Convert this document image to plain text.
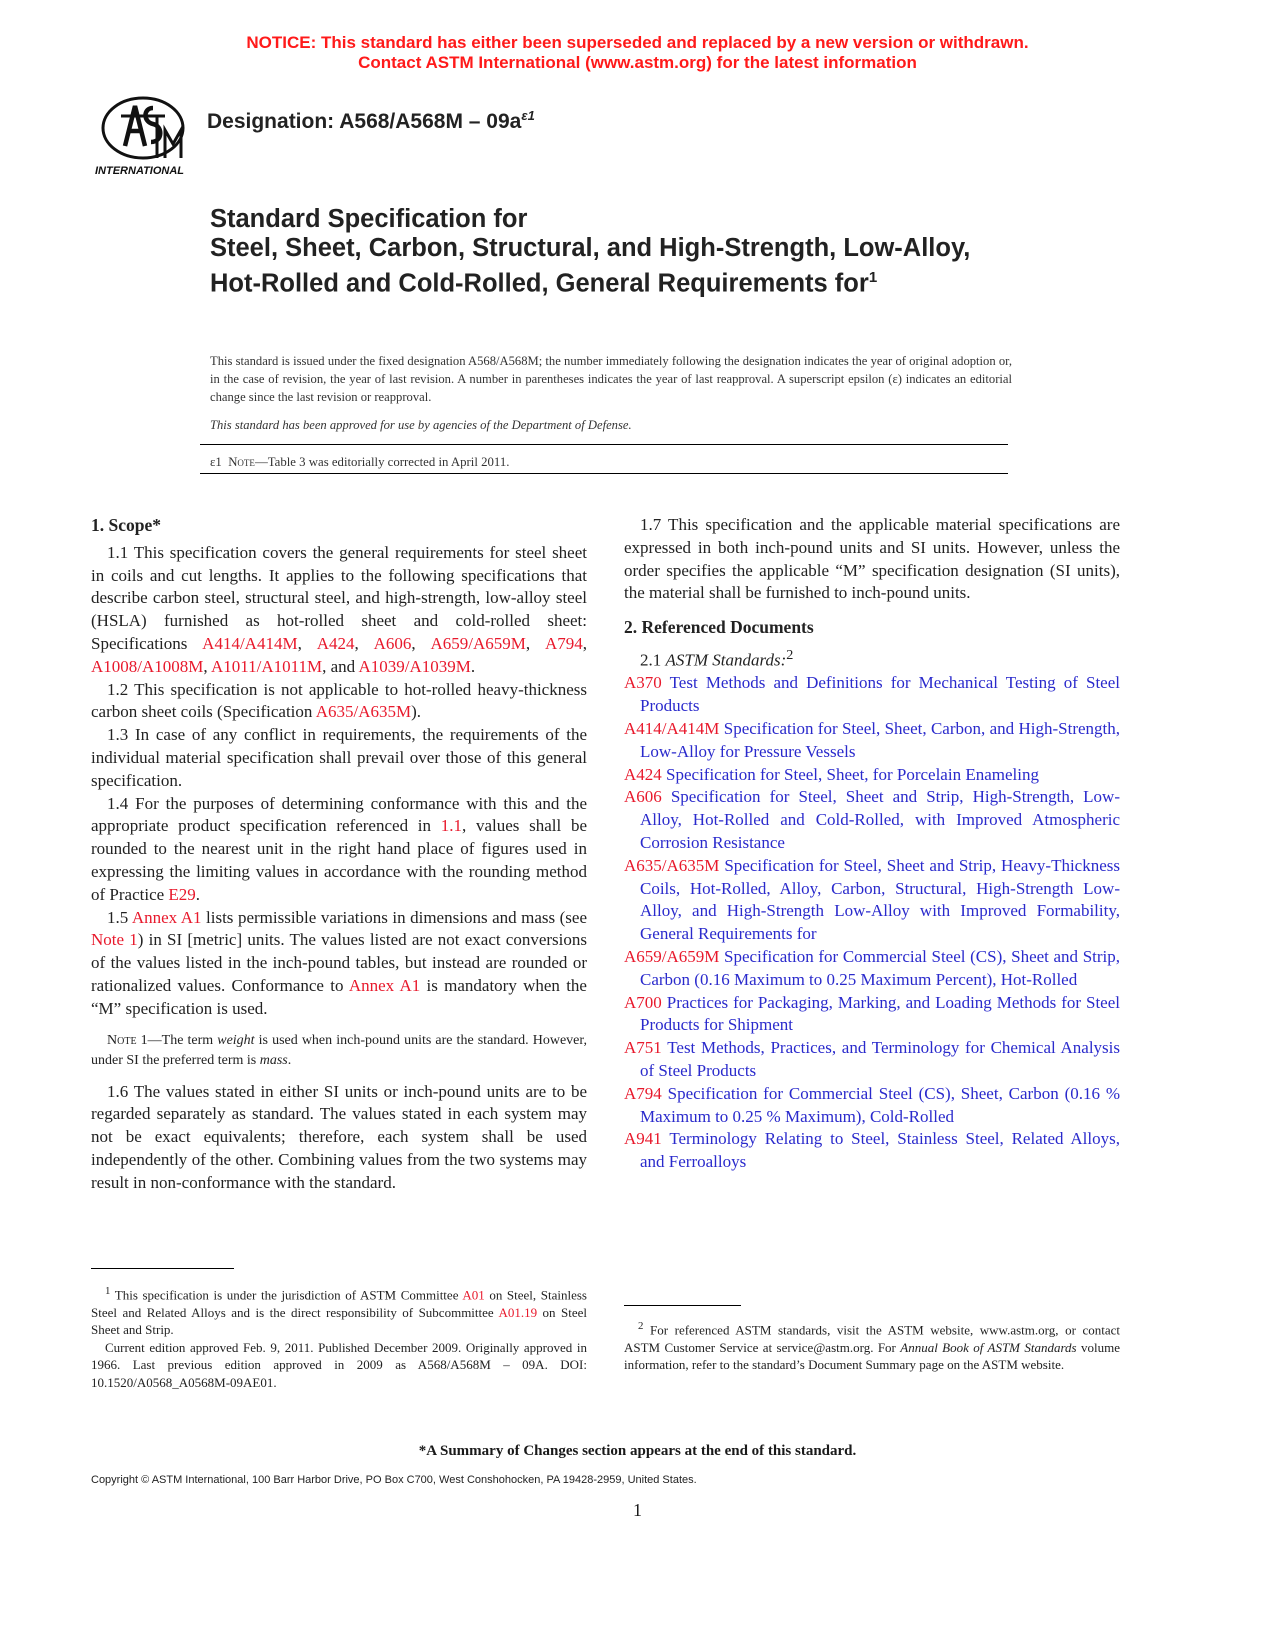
NOTICE: This standard has either been superseded and replaced by a new version or withdrawn.
Contact ASTM International (www.astm.org) for the latest information
INTERNATIONAL
Designation: $A568/A568M - 09a^{\varepsilon 1}$
Standard Specification for
Steel, Sheet, Carbon, Structural, and High-Strength, Low-Alloy, Hot-Rolled and Cold-Rolled, General Requirements for$^1$
This standard is issued under the fixed designation A568/A568M; the number immediately following the designation indicates the year of original adoption or, in the case of revision, the year of last revision. A number in parentheses indicates the year of last reapproval. A superscript epsilon (ε) indicates an editorial change since the last revision or reapproval.
This standard has been approved for use by agencies of the Department of Defense.
ε1 Note—Table 3 was editorially corrected in April 2011.
1. Scope*

1.1 This specification covers the general requirements for steel sheet in coils and cut lengths. It applies to the following specifications that describe carbon steel, structural steel, and high-strength, low-alloy steel (HSLA) furnished as hot-rolled sheet and cold-rolled sheet: Specifications A414/A414M, A424, A606, A659/A659M, A794, A1008/A1008M, A1011/A1011M, and A1039/A1039M.

1.2 This specification is not applicable to hot-rolled heavy-thickness carbon sheet coils (Specification A635/A635M).

1.3 In case of any conflict in requirements, the requirements of the individual material specification shall prevail over those of this general specification.

1.4 For the purposes of determining conformance with this and the appropriate product specification referenced in 1.1, values shall be rounded to the nearest unit in the right hand place of figures used in expressing the limiting values in accordance with the rounding method of Practice E29.

1.5 Annex A1 lists permissible variations in dimensions and mass (see Note 1) in SI [metric] units. The values listed are not exact conversions of the values listed in the inch-pound tables, but instead are rounded or rationalized values. Conformance to Annex A1 is mandatory when the “M” specification is used.

Note 1—The term weight is used when inch-pound units are the standard. However, under SI the preferred term is mass.

1.6 The values stated in either SI units or inch-pound units are to be regarded separately as standard. The values stated in each system may not be exact equivalents; therefore, each system shall be used independently of the other. Combining values from the two systems may result in non-conformance with the standard.

$^1$ This specification is under the jurisdiction of ASTM Committee A01 on Steel, Stainless Steel and Related Alloys and is the direct responsibility of Subcommittee A01.19 on Steel Sheet and Strip.

Current edition approved Feb. 9, 2011. Published December 2009. Originally approved in 1966. Last previous edition approved in 2009 as A568/A568M – 09A. DOI: 10.1520/A0568_A0568M-09AE01.

1.7 This specification and the applicable material specifications are expressed in both inch-pound units and SI units. However, unless the order specifies the applicable “M” specification designation (SI units), the material shall be furnished to inch-pound units.

2. Referenced Documents

2.1 ASTM Standards:$^2$

A370 Test Methods and Definitions for Mechanical Testing of Steel Products
A414/A414M Specification for Steel, Sheet, Carbon, and High-Strength, Low-Alloy for Pressure Vessels
A424 Specification for Steel, Sheet, for Porcelain Enameling
A606 Specification for Steel, Sheet and Strip, High-Strength, Low-Alloy, Hot-Rolled and Cold-Rolled, with Improved Atmospheric Corrosion Resistance
A635/A635M Specification for Steel, Sheet and Strip, Heavy-Thickness Coils, Hot-Rolled, Alloy, Carbon, Structural, High-Strength Low-Alloy, and High-Strength Low-Alloy with Improved Formability, General Requirements for
A659/A659M Specification for Commercial Steel (CS), Sheet and Strip, Carbon (0.16 Maximum to 0.25 Maximum Percent), Hot-Rolled
A700 Practices for Packaging, Marking, and Loading Methods for Steel Products for Shipment
A751 Test Methods, Practices, and Terminology for Chemical Analysis of Steel Products
A794 Specification for Commercial Steel (CS), Sheet, Carbon (0.16 % Maximum to 0.25 % Maximum), Cold-Rolled
A941 Terminology Relating to Steel, Stainless Steel, Related Alloys, and Ferroalloys

$^2$ For referenced ASTM standards, visit the ASTM website, www.astm.org, or contact ASTM Customer Service at service@astm.org. For Annual Book of ASTM Standards volume information, refer to the standard’s Document Summary page on the ASTM website.

*A Summary of Changes section appears at the end of this standard.
Copyright © ASTM International, 100 Barr Harbor Drive, PO Box C700, West Conshohocken, PA 19428-2959, United States.
1
